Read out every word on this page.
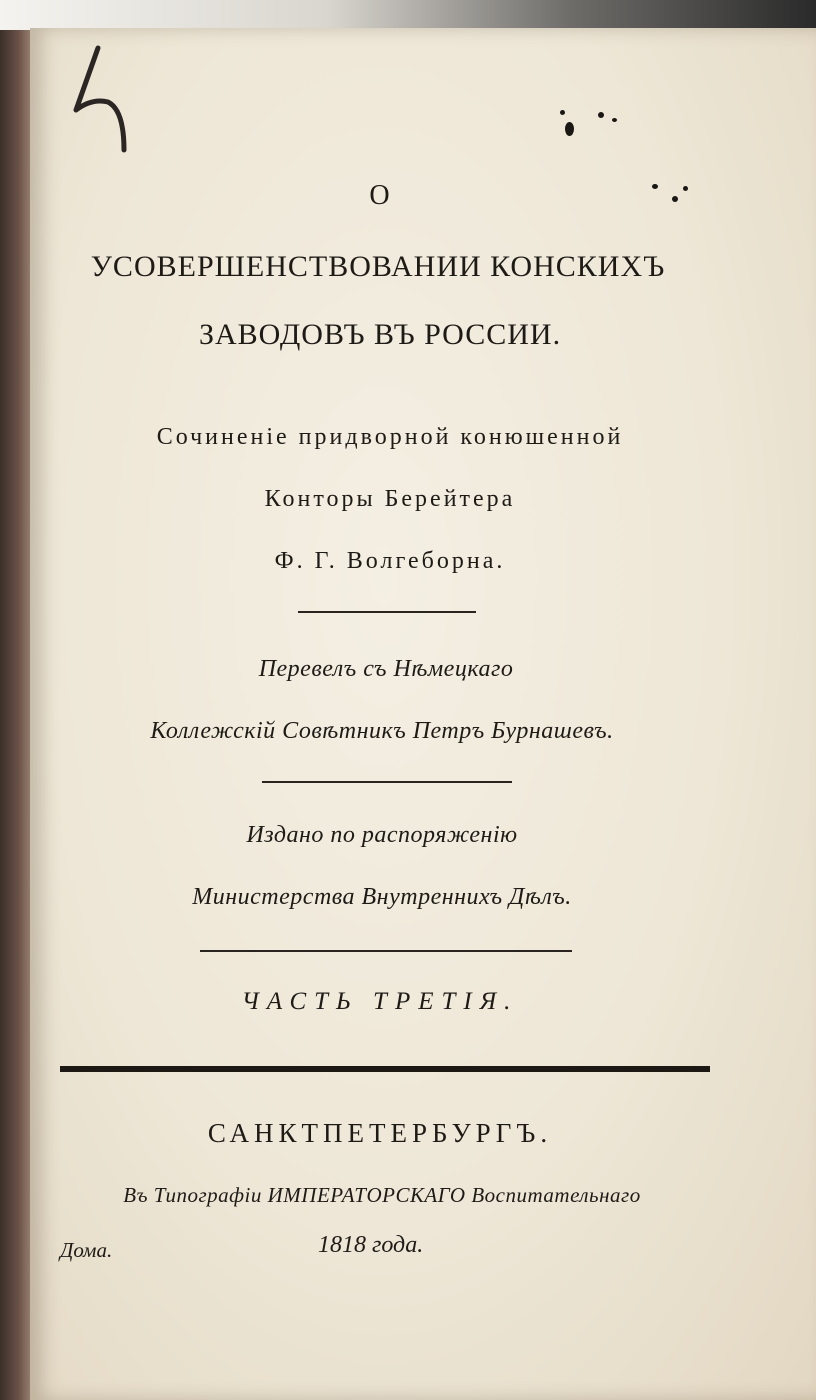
О
УСОВЕРШЕНСТВОВАНИИ КОНСКИХЪ
ЗАВОДОВЪ ВЪ РОССИИ.
Сочиненіе придворной конюшенной
Конторы Берейтера
Ф. Г. Волгеборна.
Перевелъ съ Нѣмецкаго
Коллежскій Совѣтникъ Петръ Бурнашевъ.
Издано по распоряженію
Министерства Внутреннихъ Дѣлъ.
ЧАСТЬ ТРЕТІЯ.
САНКТПЕТЕРБУРГЪ.
Въ Типографіи ИМПЕРАТОРСКАГО Воспитательнаго
Дома.	1818 года.
